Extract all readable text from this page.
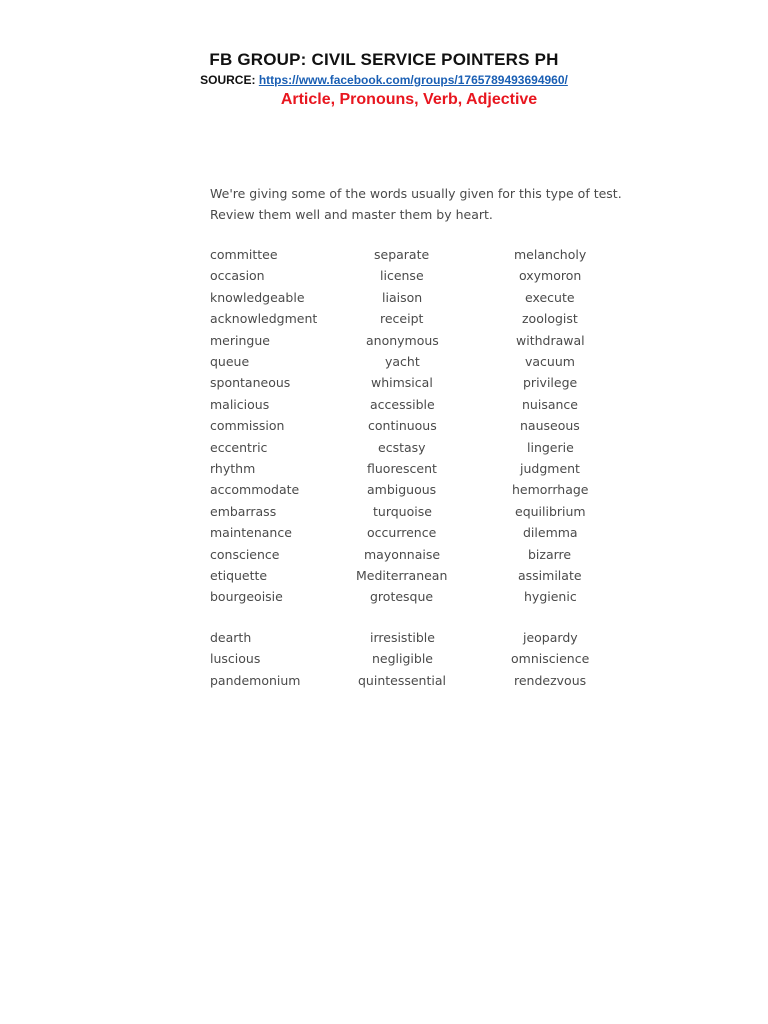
FB GROUP: CIVIL SERVICE POINTERS PH
SOURCE: https://www.facebook.com/groups/1765789493694960/
Article, Pronouns, Verb, Adjective
We're giving some of the words usually given for this type of test.
Review them well and master them by heart.
committee	separate	melancholy
occasion	license	oxymoron
knowledgeable	liaison	execute
acknowledgment	receipt	zoologist
meringue	anonymous	withdrawal
queue	yacht	vacuum
spontaneous	whimsical	privilege
malicious	accessible	nuisance
commission	continuous	nauseous
eccentric	ecstasy	lingerie
rhythm	fluorescent	judgment
accommodate	ambiguous	hemorrhage
embarrass	turquoise	equilibrium
maintenance	occurrence	dilemma
conscience	mayonnaise	bizarre
etiquette	Mediterranean	assimilate
bourgeoisie	grotesque	hygienic
dearth	irresistible	jeopardy
luscious	negligible	omniscience
pandemonium	quintessential	rendezvous
